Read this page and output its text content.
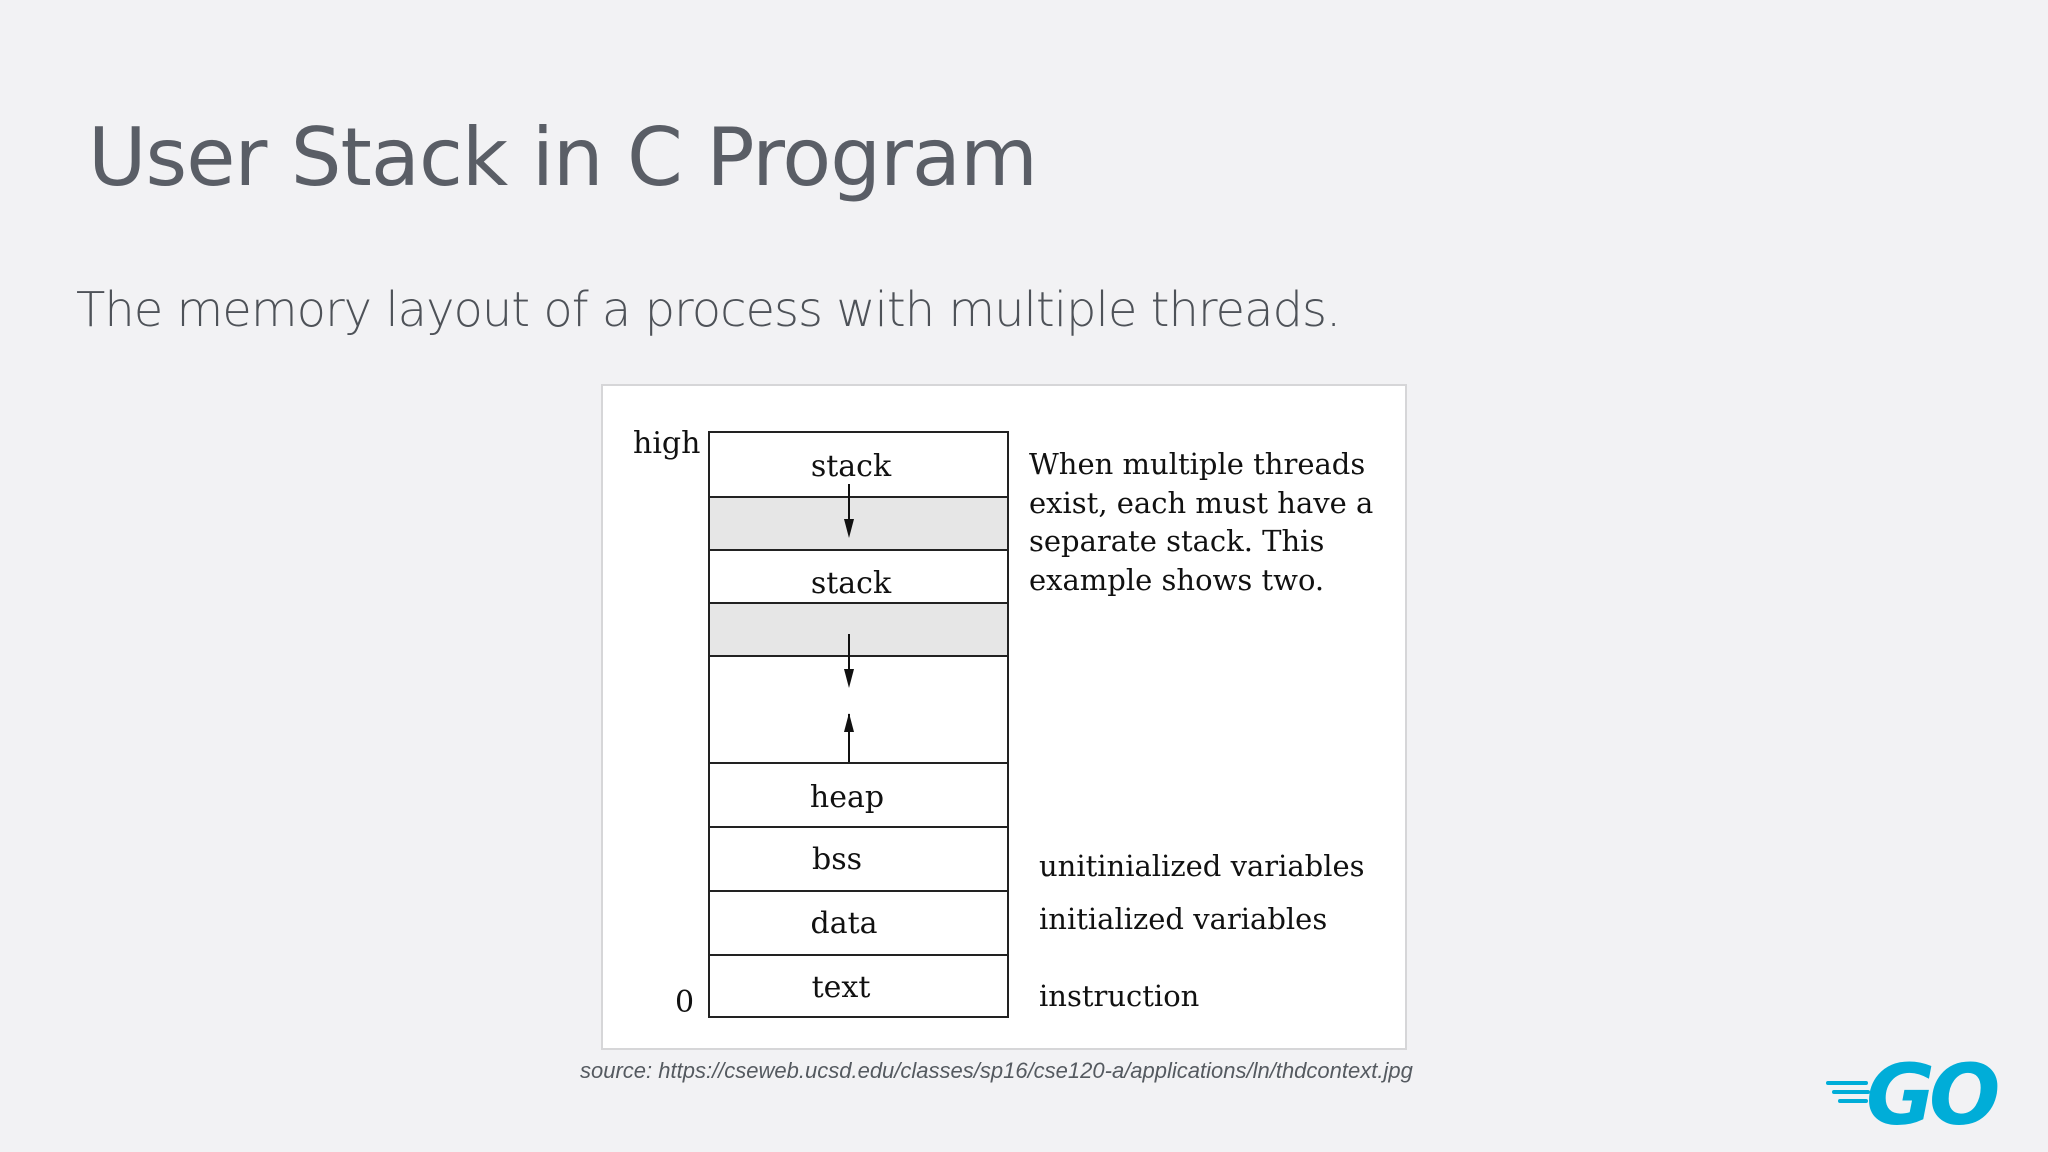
User Stack in C Program
The memory layout of a process with multiple threads.
high
0
stack
stack
heap
bss
data
text
When multiple threads
exist, each must have a
separate stack. This
example shows two.
unitinialized variables
initialized variables
instruction
source: https://cseweb.ucsd.edu/classes/sp16/cse120-a/applications/ln/thdcontext.jpg	GO
